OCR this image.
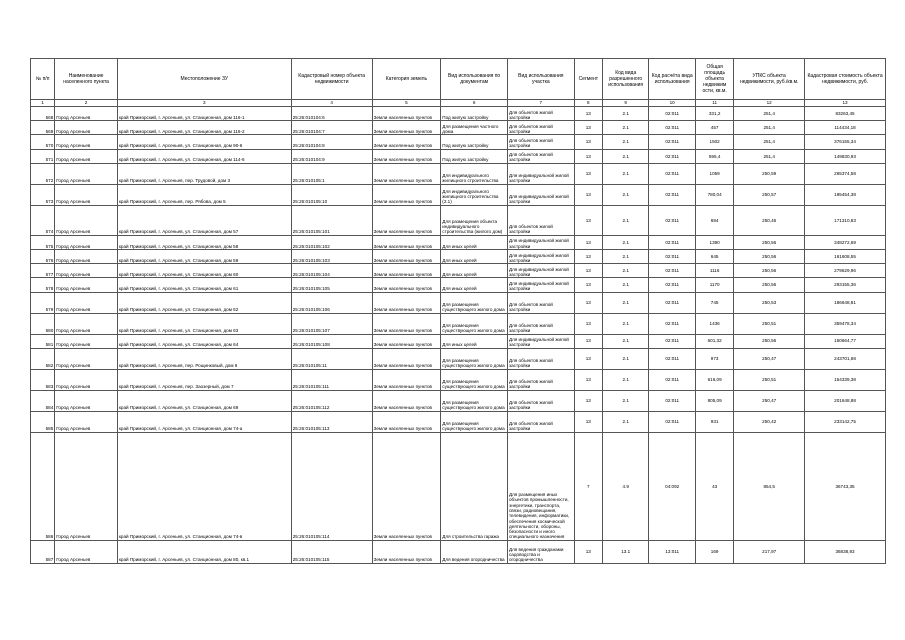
№ п/п	Наименование населенного пункта	Местоположение ЗУ	Кадастровый номер объекта недвижимости	Категория земель	Вид использования по документам	Вид использования участка	Сегмент	Код вида разрешенного использования	Код расчёта вида использования	Общая площадь объекта недвижим ости, кв.м.	УПКС объекта недвижимости, руб./кв.м.	Кадастровая стоимость объекта недвижимости, руб.
1	2	3	4	5	6	7	8	9	10	11	12	13
568	Город Арсеньев	край Приморский, г. Арсеньев, ул. Станционная, дом 116-1	25:26:010104:6	Земли населенных пунктов	Под жилую застройку	Для объектов жилой застройки	13	2.1	02:011	331,2	251,4	83263,45
569	Город Арсеньев	край Приморский, г. Арсеньев, ул. Станционная, дом 116-2	25:26:010104:7	Земли населенных пунктов	Для размещения частного дома	Для объектов жилой застройки	13	2.1	02:011	457	251,4	114434,18
570	Город Арсеньев	край Приморский, г. Арсеньев, ул. Станционная, дом 90-6	25:26:010104:8	Земли населенных пунктов	Под жилую застройку	Для объектов жилой застройки	13	2.1	02:011	1502	251,4	376155,34
571	Город Арсеньев	край Приморский, г. Арсеньев, ул. Станционная, дом 114-6	25:26:010104:9	Земли населенных пунктов	Под жилую застройку	Для объектов жилой застройки	13	2.1	02:011	595,4	251,4	149830,93
572	Город Арсеньев	край Приморский, г. Арсеньев, пер. Трудовой, дом 3	25:26:010105:1	Земли населенных пунктов	Для индивидуального жилищного строительства	Для индивидуальной жилой застройки	13	2.1	02:011	1059	250,59	265374,58
573	Город Арсеньев	край Приморский, г. Арсеньев, пер. Рябова, дом 5	25:26:010105:10	Земли населенных пунктов	Для индивидуального жилищного строительства (2.1)	Для индивидуальной жилой застройки	13	2.1	02:011	780,04	250,57	195454,38
574	Город Арсеньев	край Приморский, г. Арсеньев, ул. Станционная, дом 57	25:26:010105:101	Земли населенных пунктов	Для размещения объекта индивидуального строительства (жилого дом)	Для объектов жилой застройки	13	2.1	02:011	684	250,45	171310,83
575	Город Арсеньев	край Приморский, г. Арсеньев, ул. Станционная, дом 58	25:26:010105:102	Земли населенных пунктов	Для иных целей	Для индивидуальной жилой застройки	13	2.1	02:011	1390	250,56	348272,69
576	Город Арсеньев	край Приморский, г. Арсеньев, ул. Станционная, дом 59	25:26:010105:103	Земли населенных пунктов	Для иных целей	Для индивидуальной жилой застройки	13	2.1	02:011	645	250,56	161608,55
577	Город Арсеньев	край Приморский, г. Арсеньев, ул. Станционная, дом 60	25:26:010105:104	Земли населенных пунктов	Для иных целей	Для индивидуальной жилой застройки	13	2.1	02:011	1116	250,56	279629,96
578	Город Арсеньев	край Приморский, г. Арсеньев, ул. Станционная, дом 61	25:26:010105:105	Земли населенных пунктов	Для иных целей	Для индивидуальной жилой застройки	13	2.1	02:011	1170	250,56	293155,36
579	Город Арсеньев	край Приморский, г. Арсеньев, ул. Станционная, дом 62	25:26:010105:106	Земли населенных пунктов	Для размещения существующего жилого дома	Для объектов жилой застройки	13	2.1	02:011	745	250,53	186648,81
580	Город Арсеньев	край Приморский, г. Арсеньев, ул. Станционная, дом 63	25:26:010105:107	Земли населенных пунктов	Для размещения существующего жилого дома	Для объектов жилой застройки	13	2.1	02:011	1436	250,51	359478,34
581	Город Арсеньев	край Приморский, г. Арсеньев, ул. Станционная, дом 64	25:26:010105:108	Земли населенных пунктов	Для иных целей	Для индивидуальной жилой застройки	13	2.1	02:011	601,32	250,56	150664,77
582	Город Арсеньев	край Приморский, г. Арсеньев, пер. Рощинковый, дом 6	25:26:010105:11	Земли населенных пунктов	Для размещения существующего жилого дома	Для объектов жилой застройки	13	2.1	02:011	973	250,47	243701,68
583	Город Арсеньев	край Приморский, г. Арсеньев, пер. Заозерный, дом 7	25:26:010105:111	Земли населенных пунктов	Для размещения существующего жилого дома	Для объектов жилой застройки	13	2.1	02:011	616,09	250,51	154339,38
584	Город Арсеньев	край Приморский, г. Арсеньев, ул. Станционная, дом 69	25:26:010105:112	Земли населенных пунктов	Для размещения существующего жилого дома	Для объектов жилой застройки	13	2.1	02:011	805,09	250,47	201648,88
585	Город Арсеньев	край Приморский, г. Арсеньев, ул. Станционная, дом 74-а	25:26:010105:113	Земли населенных пунктов	Для размещения существующего жилого дома	Для объектов жилой застройки	13	2.1	02:011	931	250,42	233142,75
586	Город Арсеньев	край Приморский, г. Арсеньев, ул. Станционная, дом 74-в	25:26:010105:114	Земли населенных пунктов	Для строительства гаража	Для размещения иных объектов промышленности, энергетики, транспорта, связи, радиовещания, телевидения, информатики, обеспечения космической деятельности, обороны, безопасности и иного специального назначения	7	4.9	04:092	43	854,5	36743,35
587	Город Арсеньев	край Приморский, г. Арсеньев, ул. Станционная, дом 80, кв.1	25:26:010105:115	Земли населенных пунктов	Для ведения огородничества	Для ведения гражданами садоводства и огородничества	13	13.1	13:011	169	217,97	36838,93
